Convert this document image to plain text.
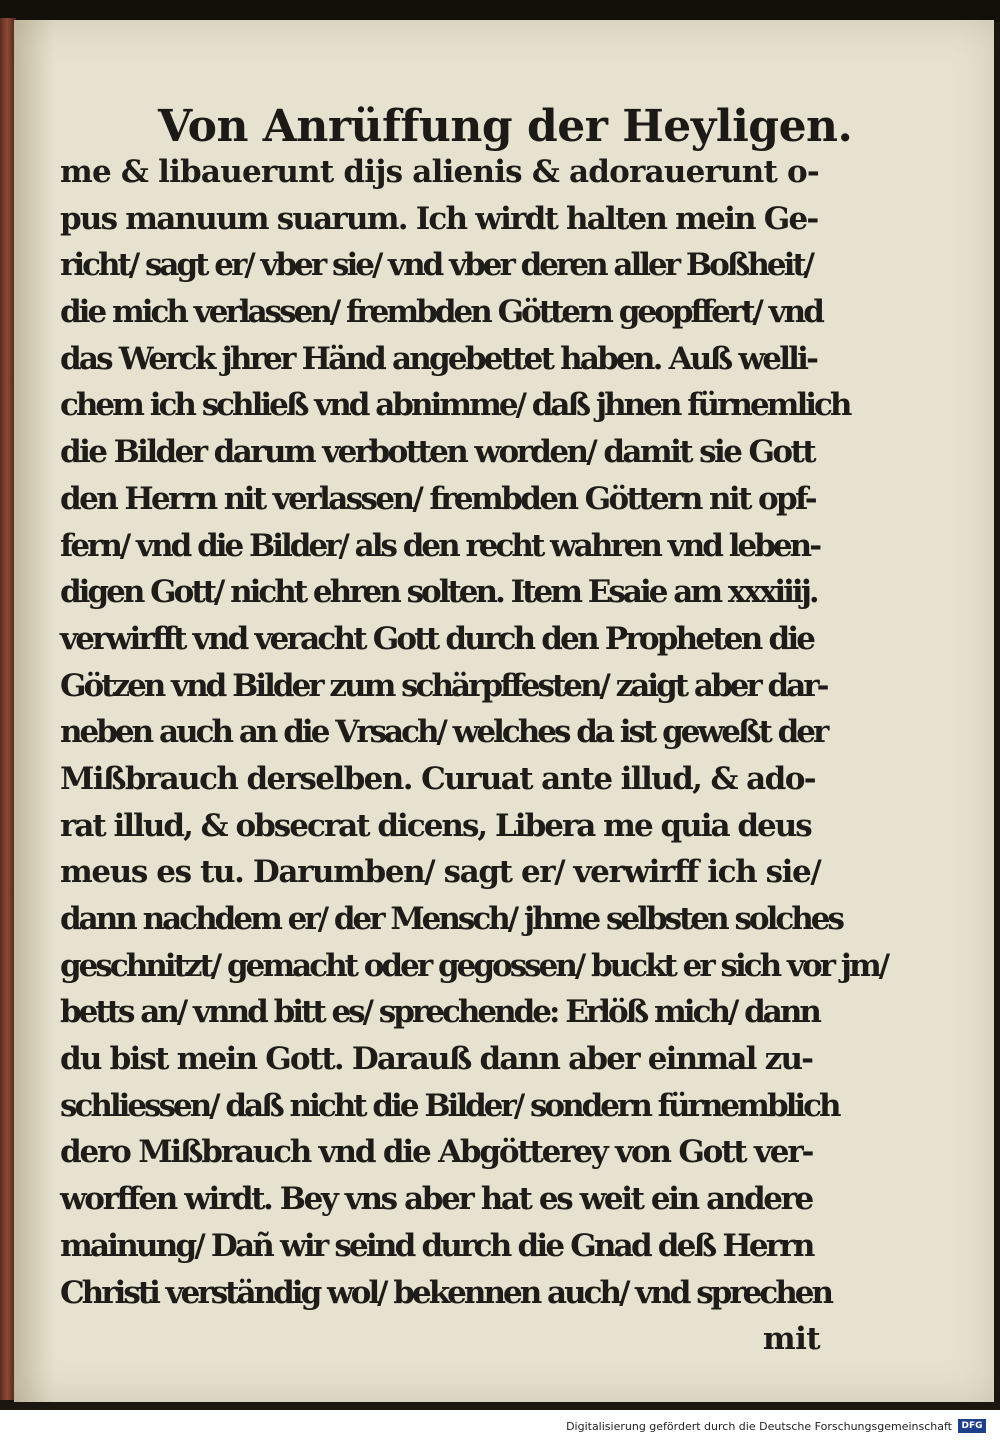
Von Anrüffung der Heyligen.
me & libauerunt dijs alienis & adorauerunt o-
pus manuum suarum. Ich wirdt halten mein Ge-
richt/ sagt er/ vber sie/ vnd vber deren aller Boßheit/
die mich verlassen/ frembden Göttern geopffert/ vnd
das Werck jhrer Händ angebettet haben. Auß welli-
chem ich schließ vnd abnimme/ daß jhnen fürnemlich
die Bilder darum verbotten worden/ damit sie Gott
den Herrn nit verlassen/ frembden Göttern nit opf-
fern/ vnd die Bilder/ als den recht wahren vnd leben-
digen Gott/ nicht ehren solten. Item Esaie am xxxiiij.
verwirfft vnd veracht Gott durch den Propheten die
Götzen vnd Bilder zum schärpffesten/ zaigt aber dar-
neben auch an die Vrsach/ welches da ist geweßt der
Mißbrauch derselben. Curuat ante illud, & ado-
rat illud, & obsecrat dicens, Libera me quia deus
meus es tu. Darumben/ sagt er/ verwirff ich sie/
dann nachdem er/ der Mensch/ jhme selbsten solches
geschnitzt/ gemacht oder gegossen/ buckt er sich vor jm/
betts an/ vnnd bitt es/ sprechende: Erlöß mich/ dann
du bist mein Gott. Darauß dann aber einmal zu-
schliessen/ daß nicht die Bilder/ sondern fürnemblich
dero Mißbrauch vnd die Abgötterey von Gott ver-
worffen wirdt. Bey vns aber hat es weit ein andere
mainung/ Dañ wir seind durch die Gnad deß Herrn
Christi verständig wol/ bekennen auch/ vnd sprechen
mit

Digitalisierung gefördert durch die Deutsche Forschungsgemeinschaft	DFG
